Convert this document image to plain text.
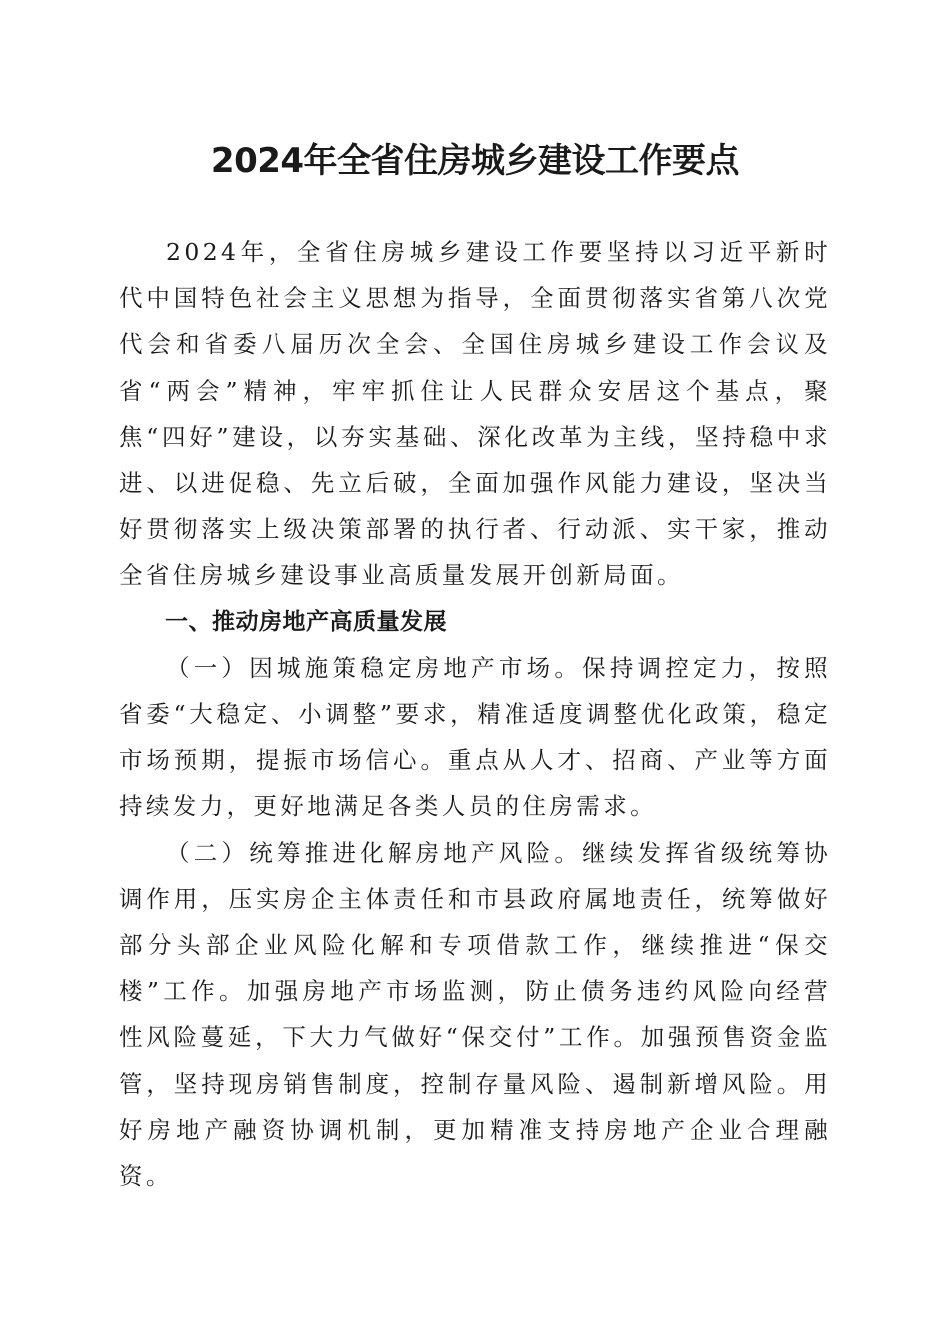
2024年全省住房城乡建设工作要点

2024年，全省住房城乡建设工作要坚持以习近平新时代中国特色社会主义思想为指导，全面贯彻落实省第八次党代会和省委八届历次全会、全国住房城乡建设工作会议及省“两会”精神，牢牢抓住让人民群众安居这个基点，聚焦“四好”建设，以夯实基础、深化改革为主线，坚持稳中求进、以进促稳、先立后破，全面加强作风能力建设，坚决当好贯彻落实上级决策部署的执行者、行动派、实干家，推动全省住房城乡建设事业高质量发展开创新局面。

一、推动房地产高质量发展

（一）因城施策稳定房地产市场。保持调控定力，按照省委“大稳定、小调整”要求，精准适度调整优化政策，稳定市场预期，提振市场信心。重点从人才、招商、产业等方面持续发力，更好地满足各类人员的住房需求。

（二）统筹推进化解房地产风险。继续发挥省级统筹协调作用，压实房企主体责任和市县政府属地责任，统筹做好部分头部企业风险化解和专项借款工作，继续推进“保交楼”工作。加强房地产市场监测，防止债务违约风险向经营性风险蔓延，下大力气做好“保交付”工作。加强预售资金监管，坚持现房销售制度，控制存量风险、遏制新增风险。用好房地产融资协调机制，更加精准支持房地产企业合理融资。
